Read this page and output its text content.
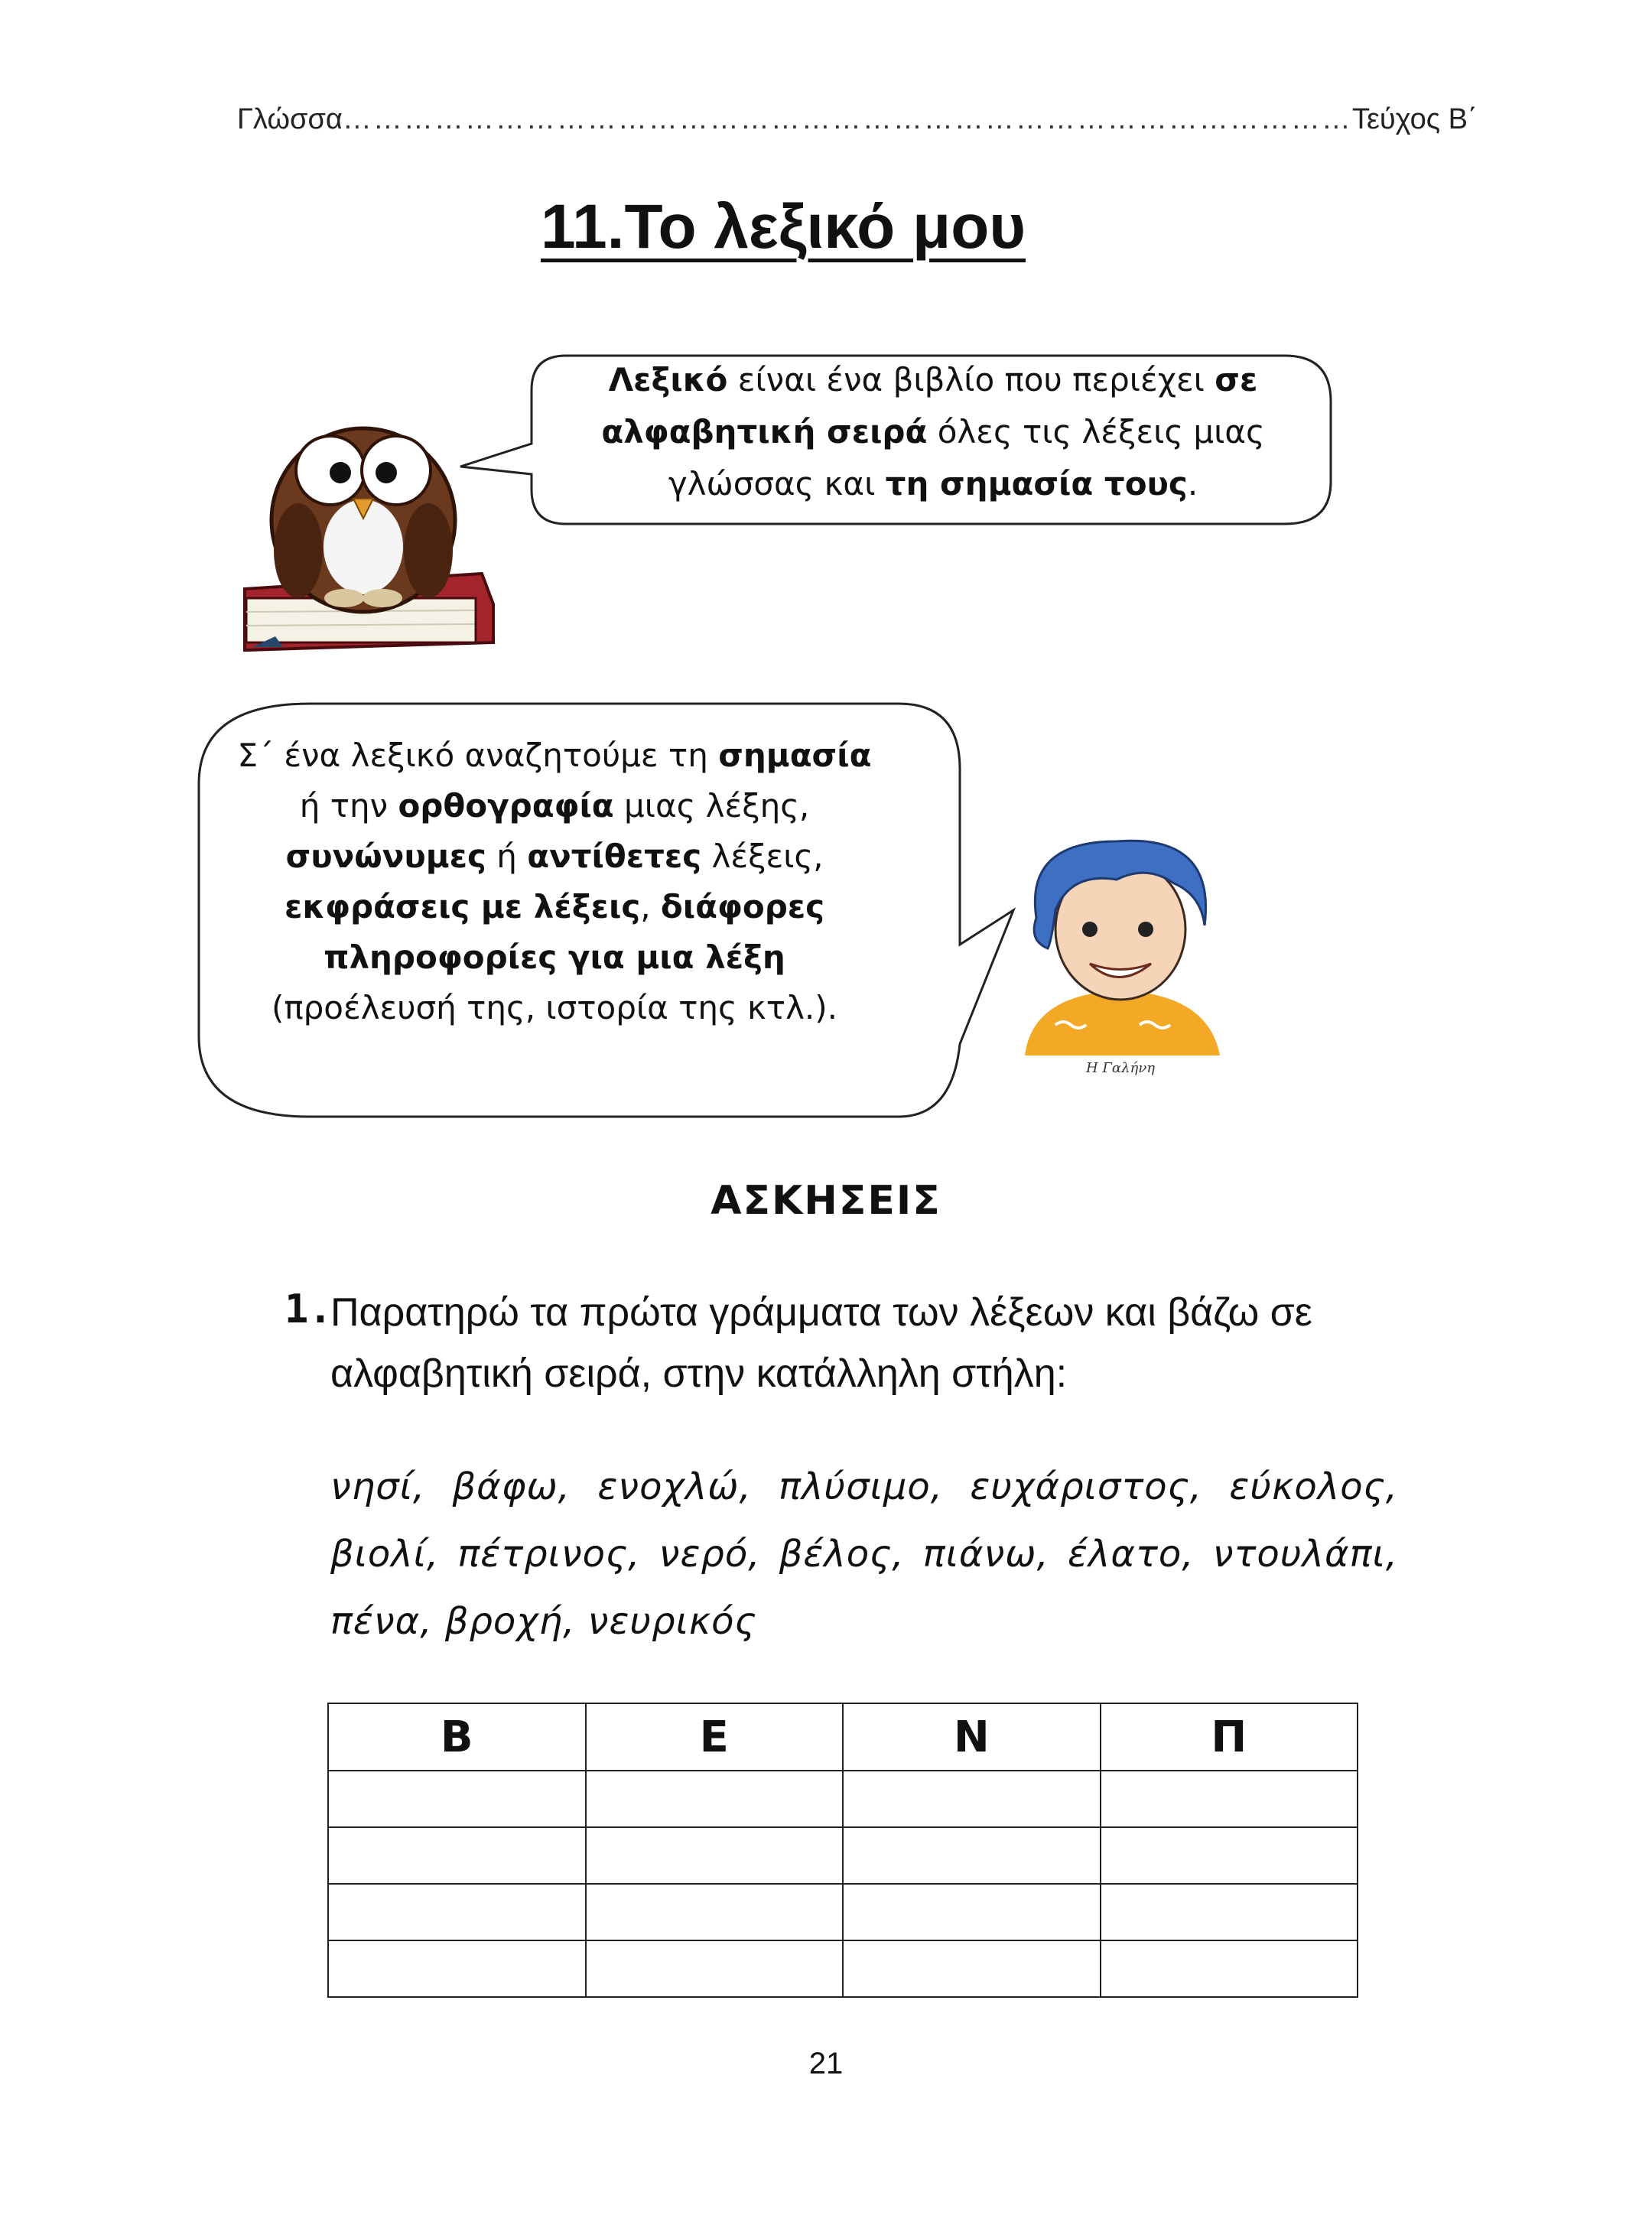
Γλώσσα ……………………………………………………………………………………… Τεύχος Β΄
11.Το λεξικό μου
Λεξικό είναι ένα βιβλίο που περιέχει σε αλφαβητική σειρά όλες τις λέξεις μιας γλώσσας και τη σημασία τους.
Σ΄ ένα λεξικό αναζητούμε τη σημασία ή την ορθογραφία μιας λέξης, συνώνυμες ή αντίθετες λέξεις, εκφράσεις με λέξεις, διάφορες πληροφορίες για μια λέξη (προέλευσή της, ιστορία της κτλ.).
Η Γαλήνη
ΑΣΚΗΣΕΙΣ
1.
Παρατηρώ τα πρώτα γράμματα των λέξεων και βάζω σε αλφαβητική σειρά, στην κατάλληλη στήλη:
νησί, βάφω, ενοχλώ, πλύσιμο, ευχάριστος, εύκολος, βιολί, πέτρινος, νερό, βέλος, πιάνω, έλατο, ντουλάπι, πένα, βροχή, νευρικός
Β	Ε	Ν	Π

21
